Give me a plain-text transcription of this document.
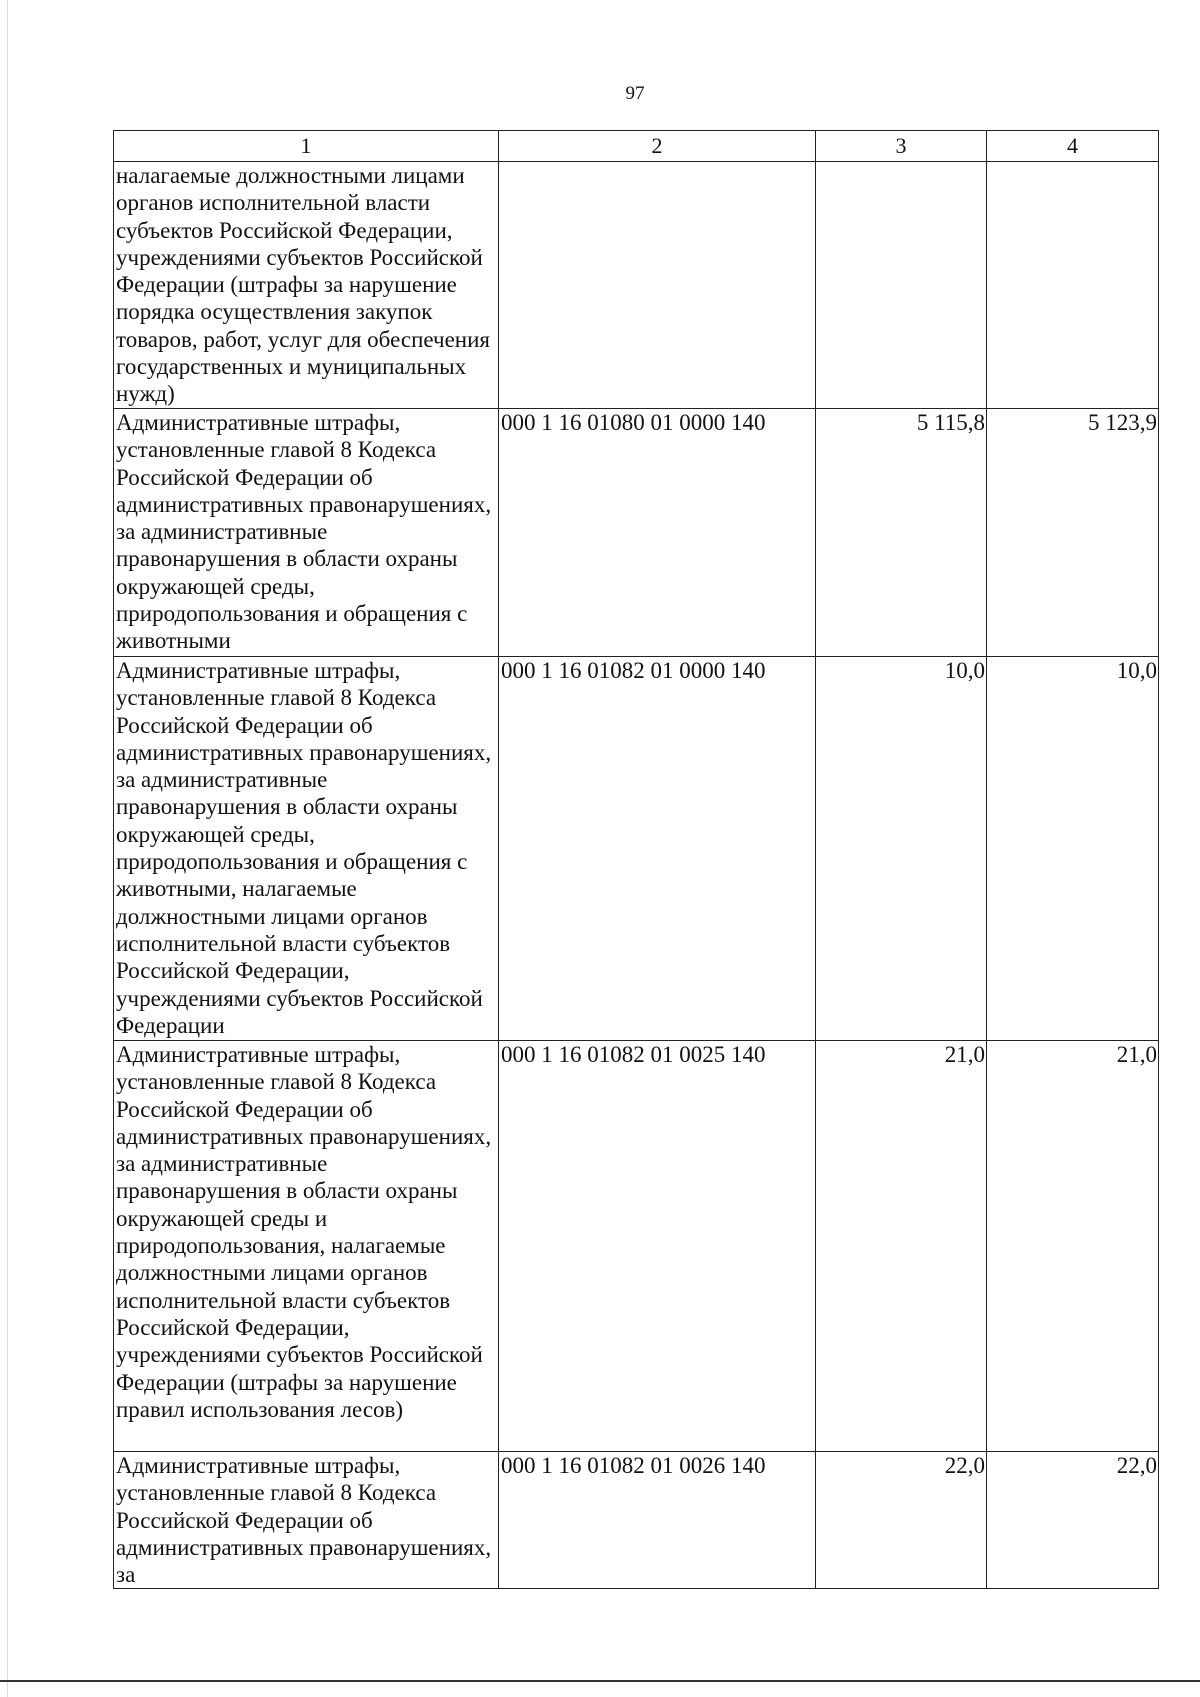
97
1	2	3	4
налагаемые должностными лицами органов исполнительной власти субъектов Российской Федерации, учреждениями субъектов Российской Федерации (штрафы за нарушение порядка осуществления закупок товаров, работ, услуг для обеспечения государственных и муниципальных нужд)			
Административные штрафы, установленные главой 8 Кодекса Российской Федерации об административных правонарушениях, за административные правонарушения в области охраны окружающей среды, природопользования и обращения с животными	000 1 16 01080 01 0000 140	5 115,8	5 123,9
Административные штрафы, установленные главой 8 Кодекса Российской Федерации об административных правонарушениях, за административные правонарушения в области охраны окружающей среды, природопользования и обращения с животными, налагаемые должностными лицами органов исполнительной власти субъектов Российской Федерации, учреждениями субъектов Российской Федерации	000 1 16 01082 01 0000 140	10,0	10,0
Административные штрафы, установленные главой 8 Кодекса Российской Федерации об административных правонарушениях, за административные правонарушения в области охраны окружающей среды и природопользования, налагаемые должностными лицами органов исполнительной власти субъектов Российской Федерации, учреждениями субъектов Российской Федерации (штрафы за нарушение правил использования лесов)	000 1 16 01082 01 0025 140	21,0	21,0
Административные штрафы, установленные главой 8 Кодекса Российской Федерации об административных правонарушениях, за	000 1 16 01082 01 0026 140	22,0	22,0
